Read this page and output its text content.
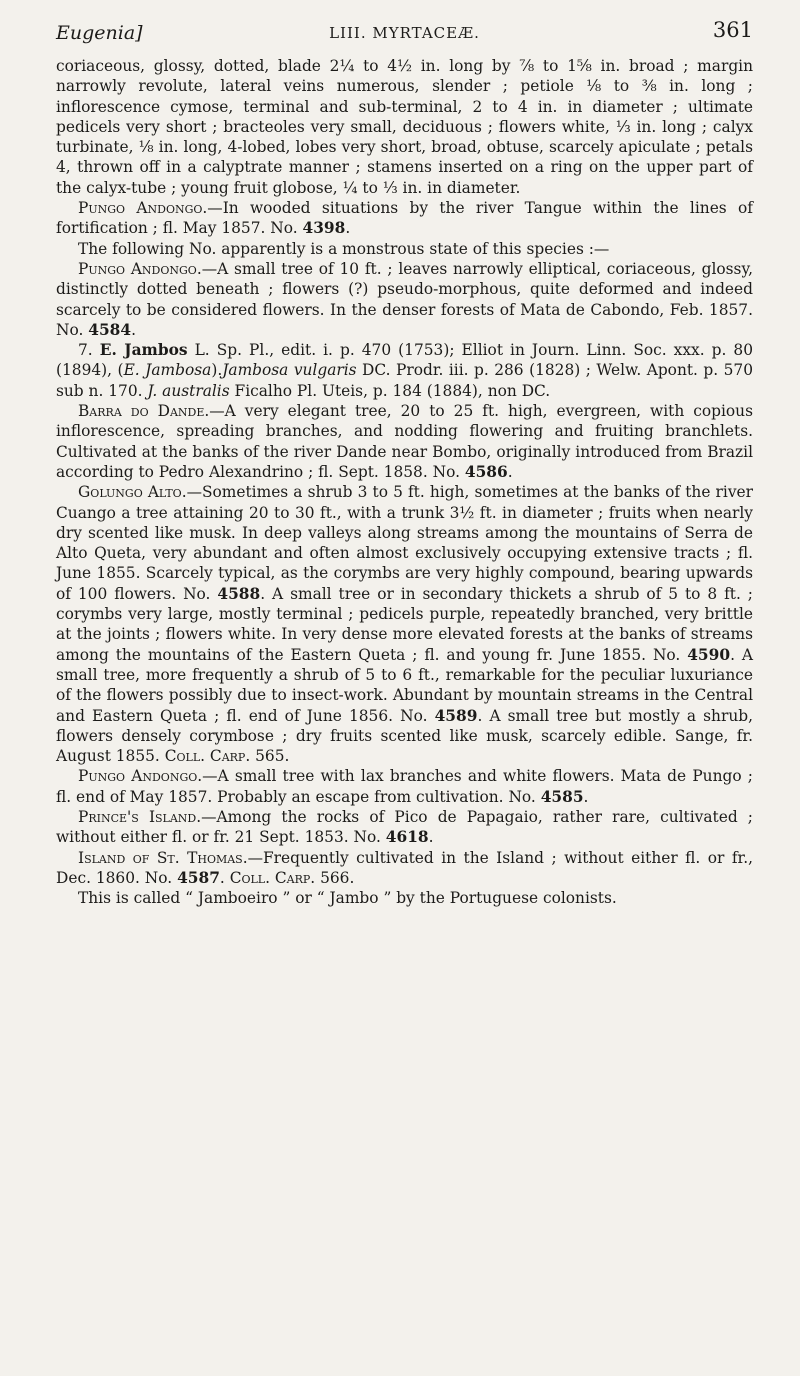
Eugenia]	LIII. MYRTACEÆ.	361

coriaceous, glossy, dotted, blade 2¼ to 4½ in. long by ⅞ to 1⅝ in. broad ; margin narrowly revolute, lateral veins numerous, slender ; petiole ⅛ to ⅜ in. long ; inflorescence cymose, terminal and sub-terminal, 2 to 4 in. in diameter ; ultimate pedicels very short ; bracteoles very small, deciduous ; flowers white, ⅓ in. long ; calyx turbinate, ⅛ in. long, 4-lobed, lobes very short, broad, obtuse, scarcely apiculate ; petals 4, thrown off in a calyptrate manner ; stamens inserted on a ring on the upper part of the calyx-tube ; young fruit globose, ¼ to ⅓ in. in diameter.

Pungo Andongo.—In wooded situations by the river Tangue within the lines of fortification ; fl. May 1857. No. 4398.

The following No. apparently is a monstrous state of this species :—

Pungo Andongo.—A small tree of 10 ft. ; leaves narrowly elliptical, coriaceous, glossy, distinctly dotted beneath ; flowers (?) pseudo-morphous, quite deformed and indeed scarcely to be considered flowers. In the denser forests of Mata de Cabondo, Feb. 1857. No. 4584.

7. E. Jambos L. Sp. Pl., edit. i. p. 470 (1753); Elliot in Journ. Linn. Soc. xxx. p. 80 (1894), (E. Jambosa).Jambosa vulgaris DC. Prodr. iii. p. 286 (1828) ; Welw. Apont. p. 570 sub n. 170. J. australis Ficalho Pl. Uteis, p. 184 (1884), non DC.

Barra do Dande.—A very elegant tree, 20 to 25 ft. high, evergreen, with copious inflorescence, spreading branches, and nodding flowering and fruiting branchlets. Cultivated at the banks of the river Dande near Bombo, originally introduced from Brazil according to Pedro Alexandrino ; fl. Sept. 1858. No. 4586.

Golungo Alto.—Sometimes a shrub 3 to 5 ft. high, sometimes at the banks of the river Cuango a tree attaining 20 to 30 ft., with a trunk 3½ ft. in diameter ; fruits when nearly dry scented like musk. In deep valleys along streams among the mountains of Serra de Alto Queta, very abundant and often almost exclusively occupying extensive tracts ; fl. June 1855. Scarcely typical, as the corymbs are very highly compound, bearing upwards of 100 flowers. No. 4588. A small tree or in secondary thickets a shrub of 5 to 8 ft. ; corymbs very large, mostly terminal ; pedicels purple, repeatedly branched, very brittle at the joints ; flowers white. In very dense more elevated forests at the banks of streams among the mountains of the Eastern Queta ; fl. and young fr. June 1855. No. 4590. A small tree, more frequently a shrub of 5 to 6 ft., remarkable for the peculiar luxuriance of the flowers possibly due to insect-work. Abundant by mountain streams in the Central and Eastern Queta ; fl. end of June 1856. No. 4589. A small tree but mostly a shrub, flowers densely corymbose ; dry fruits scented like musk, scarcely edible. Sange, fr. August 1855. Coll. Carp. 565.

Pungo Andongo.—A small tree with lax branches and white flowers. Mata de Pungo ; fl. end of May 1857. Probably an escape from cultivation. No. 4585.

Prince's Island.—Among the rocks of Pico de Papagaio, rather rare, cultivated ; without either fl. or fr. 21 Sept. 1853. No. 4618.

Island of St. Thomas.—Frequently cultivated in the Island ; without either fl. or fr., Dec. 1860. No. 4587. Coll. Carp. 566.

This is called “ Jamboeiro ” or “ Jambo ” by the Portuguese colonists.
